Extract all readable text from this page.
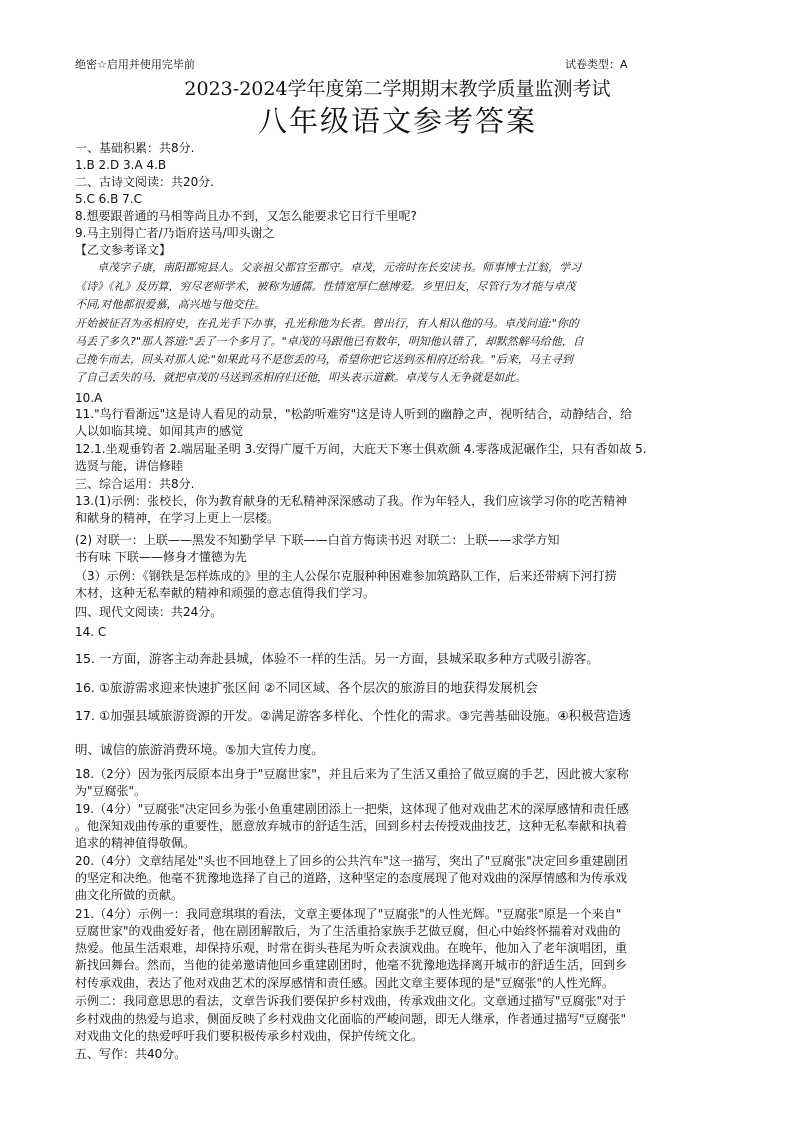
绝密☆启用并使用完毕前	试卷类型：A
2023-2024学年度第二学期期末教学质量监测考试
八年级语文参考答案
一、基础积累：共8分.
1.B 2.D 3.A 4.B
二、古诗文阅读：共20分.
5.C 6.B 7.C
8.想要跟普通的马相等尚且办不到，又怎么能要求它日行千里呢?
9.马主别得亡者/乃诣府送马/叩头谢之
【乙文参考译文】
　　卓茂字子康，南阳郡宛县人。父亲祖父都官至郡守。卓茂，元帝时在长安读书。师事博士江翁，学习
《诗》《礼》及历算，穷尽老师学术，被称为通儒。性情宽厚仁慈博爱。乡里旧友，尽管行为才能与卓茂
不同,对他都很爱慕，高兴地与他交往。
开始被征召为丞相府史，在孔光手下办事，孔光称他为长者。曾出行，有人相认他的马。卓茂问道:"你的
马丢了多久?"那人答道:"丢了一个多月了。"卓茂的马跟他已有数年，明知他认错了，却默然解马给他，自
己挽车而去，回头对那人说:"如果此马不是您丢的马，希望你把它送到丞相府还给我。"后来，马主寻到
了自己丢失的马，就把卓茂的马送到丞相府归还他，叩头表示道歉。卓茂与人无争就是如此。
10.A
11."鸟行看渐远"这是诗人看见的动景，"松韵听难穷"这是诗人听到的幽静之声，视听结合，动静结合，给
人以如临其境、如闻其声的感觉
12.1.坐观垂钓者 2.端居耻圣明 3.安得广厦千万间，大庇天下寒士俱欢颜 4.零落成泥碾作尘，只有香如故 5.
选贤与能，讲信修睦
三、综合运用：共8分.
13.(1)示例：张校长，你为教育献身的无私精神深深感动了我。作为年轻人，我们应该学习你的吃苦精神
和献身的精神，在学习上更上一层楼。
(2) 对联一：上联——黑发不知勤学早 下联——白首方悔读书迟 对联二：上联——求学方知
书有味 下联——修身才懂德为先
（3）示例：《钢铁是怎样炼成的》里的主人公保尔克服种种困难参加筑路队工作，后来还带病下河打捞
木材，这种无私奉献的精神和顽强的意志值得我们学习。
四、现代文阅读：共24分。
14. C
15. 一方面，游客主动奔赴县城，体验不一样的生活。另一方面，县城采取多种方式吸引游客。
16. ①旅游需求迎来快速扩张区间 ②不同区域、各个层次的旅游目的地获得发展机会
17. ①加强县域旅游资源的开发。②满足游客多样化、个性化的需求。③完善基础设施。④积极营造透
明、诚信的旅游消费环境。⑤加大宣传力度。
18.（2分）因为张丙辰原本出身于"豆腐世家"，并且后来为了生活又重拾了做豆腐的手艺，因此被大家称
为"豆腐张"。
19.（4分）"豆腐张"决定回乡为张小鱼重建剧团添上一把柴，这体现了他对戏曲艺术的深厚感情和责任感
。他深知戏曲传承的重要性，愿意放弃城市的舒适生活，回到乡村去传授戏曲技艺，这种无私奉献和执着
追求的精神值得敬佩。
20.（4分）文章结尾处"头也不回地登上了回乡的公共汽车"这一描写，突出了"豆腐张"决定回乡重建剧团
的坚定和决绝。他毫不犹豫地选择了自己的道路，这种坚定的态度展现了他对戏曲的深厚情感和为传承戏
曲文化所做的贡献。
21.（4分）示例一：我同意琪琪的看法，文章主要体现了"豆腐张"的人性光辉。"豆腐张"原是一个来自"
豆腐世家"的戏曲爱好者，他在剧团解散后，为了生活重拾家族手艺做豆腐，但心中始终怀揣着对戏曲的
热爱。他虽生活艰难，却保持乐观，时常在街头巷尾为听众表演戏曲。在晚年，他加入了老年演唱团，重
新找回舞台。然而，当他的徒弟邀请他回乡重建剧团时，他毫不犹豫地选择离开城市的舒适生活，回到乡
村传承戏曲，表达了他对戏曲艺术的深厚感情和责任感。因此文章主要体现的是"豆腐张"的人性光辉。
示例二：我同意思思的看法，文章告诉我们要保护乡村戏曲，传承戏曲文化。文章通过描写"豆腐张"对于
乡村戏曲的热爱与追求，侧面反映了乡村戏曲文化面临的严峻问题，即无人继承，作者通过描写"豆腐张"
对戏曲文化的热爱呼吁我们要积极传承乡村戏曲，保护传统文化。
五、写作：共40分。
